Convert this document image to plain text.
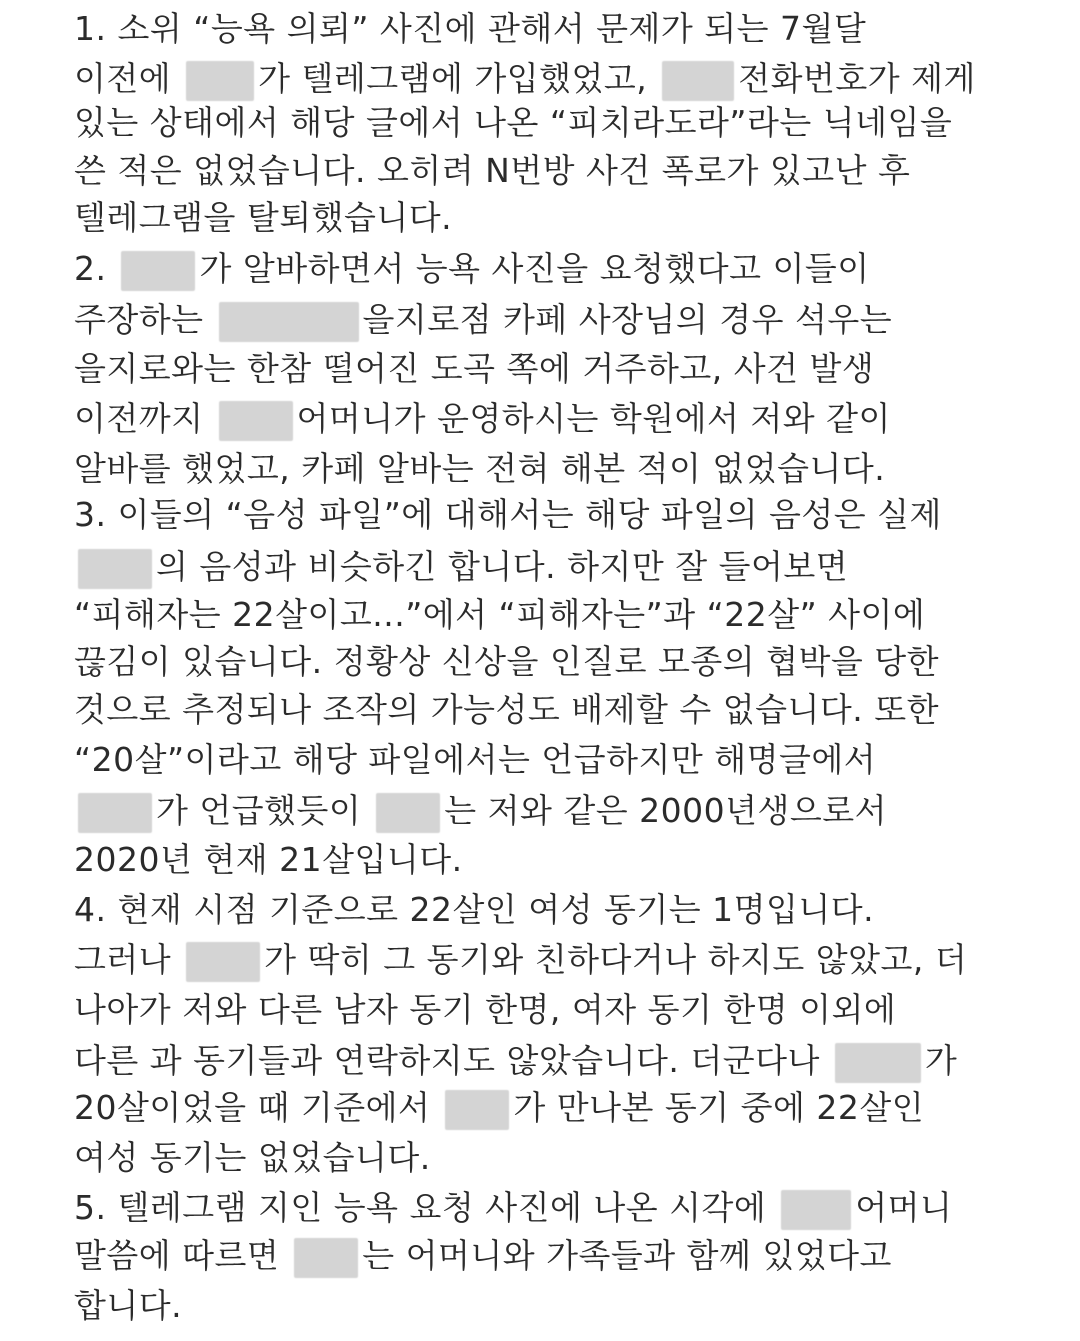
1. 소위 “능욕 의뢰” 사진에 관해서 문제가 되는 7월달
이전에 가 텔레그램에 가입했었고, 전화번호가 제게
있는 상태에서 해당 글에서 나온 “피치라도라”라는 닉네임을
쓴 적은 없었습니다. 오히려 N번방 사건 폭로가 있고난 후
텔레그램을 탈퇴했습니다.
2. 가 알바하면서 능욕 사진을 요청했다고 이들이
주장하는	을지로점 카페 사장님의 경우 석우는
을지로와는 한참 떨어진 도곡 쪽에 거주하고, 사건 발생
이전까지 어머니가 운영하시는 학원에서 저와 같이
알바를 했었고, 카페 알바는 전혀 해본 적이 없었습니다.
3. 이들의 “음성 파일”에 대해서는 해당 파일의 음성은 실제
의 음성과 비슷하긴 합니다. 하지만 잘 들어보면
“피해자는 22살이고...”에서 “피해자는”과 “22살” 사이에
끊김이 있습니다. 정황상 신상을 인질로 모종의 협박을 당한
것으로 추정되나 조작의 가능성도 배제할 수 없습니다. 또한
“20살”이라고 해당 파일에서는 언급하지만 해명글에서
가 언급했듯이 는 저와 같은 2000년생으로서
2020년 현재 21살입니다.
4. 현재 시점 기준으로 22살인 여성 동기는 1명입니다.
그러나 가 딱히 그 동기와 친하다거나 하지도 않았고, 더
나아가 저와 다른 남자 동기 한명, 여자 동기 한명 이외에
다른 과 동기들과 연락하지도 않았습니다. 더군다나	가
20살이었을 때 기준에서 가 만나본 동기 중에 22살인
여성 동기는 없었습니다.
5. 텔레그램 지인 능욕 요청 사진에 나온 시각에 어머니
말씀에 따르면 는 어머니와 가족들과 함께 있었다고
합니다.
